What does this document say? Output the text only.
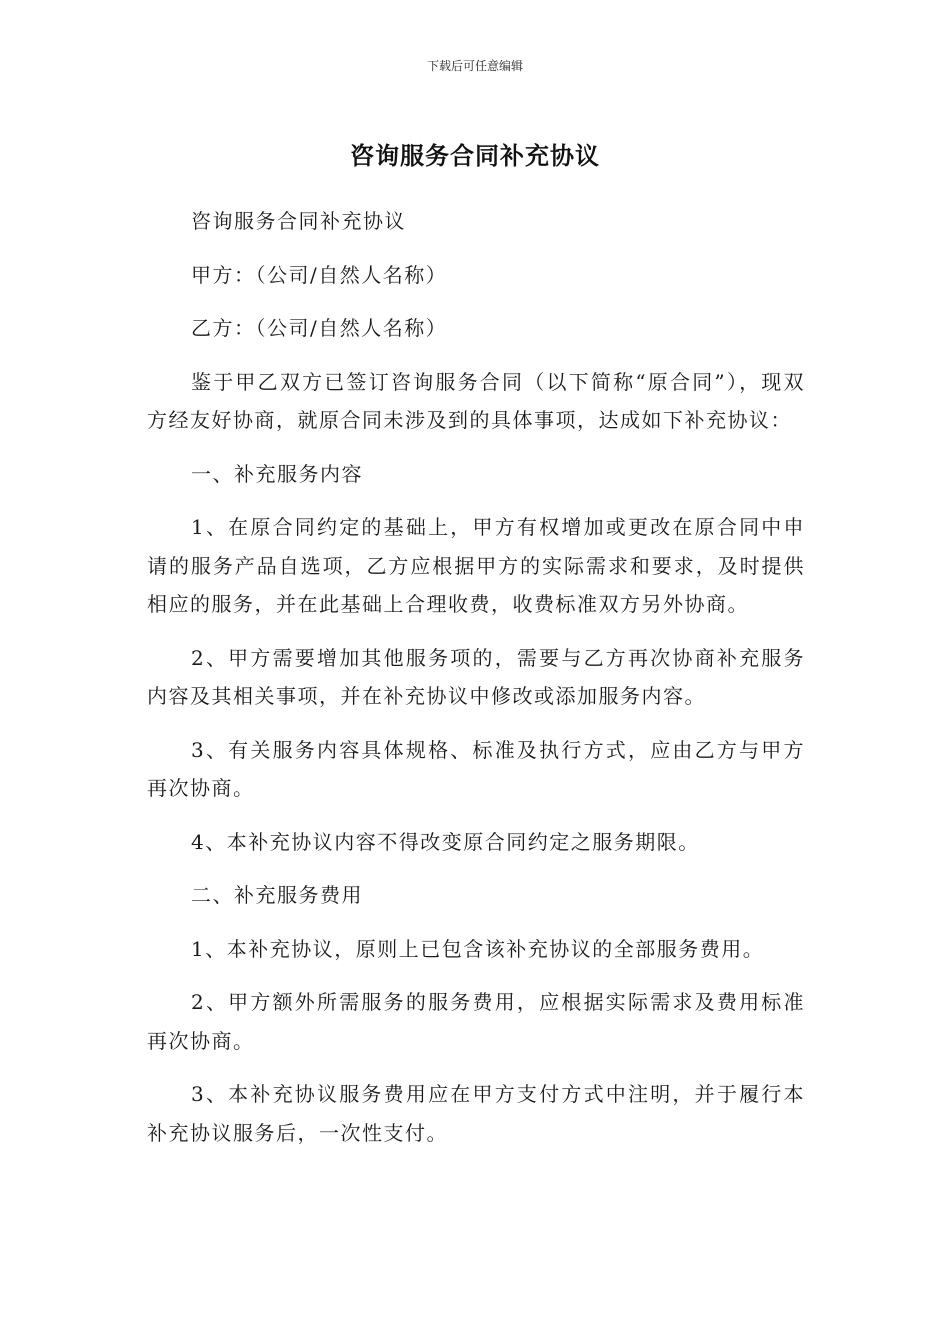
下载后可任意编辑
咨询服务合同补充协议

咨询服务合同补充协议

甲方：（公司/自然人名称）

乙方：（公司/自然人名称）

鉴于甲乙双方已签订咨询服务合同（以下简称“原合同”），现双方经友好协商，就原合同未涉及到的具体事项，达成如下补充协议：

一、补充服务内容

1、在原合同约定的基础上，甲方有权增加或更改在原合同中申请的服务产品自选项，乙方应根据甲方的实际需求和要求，及时提供相应的服务，并在此基础上合理收费，收费标准双方另外协商。

2、甲方需要增加其他服务项的，需要与乙方再次协商补充服务内容及其相关事项，并在补充协议中修改或添加服务内容。

3、有关服务内容具体规格、标准及执行方式，应由乙方与甲方再次协商。

4、本补充协议内容不得改变原合同约定之服务期限。

二、补充服务费用

1、本补充协议，原则上已包含该补充协议的全部服务费用。

2、甲方额外所需服务的服务费用，应根据实际需求及费用标准再次协商。

3、本补充协议服务费用应在甲方支付方式中注明，并于履行本补充协议服务后，一次性支付。
